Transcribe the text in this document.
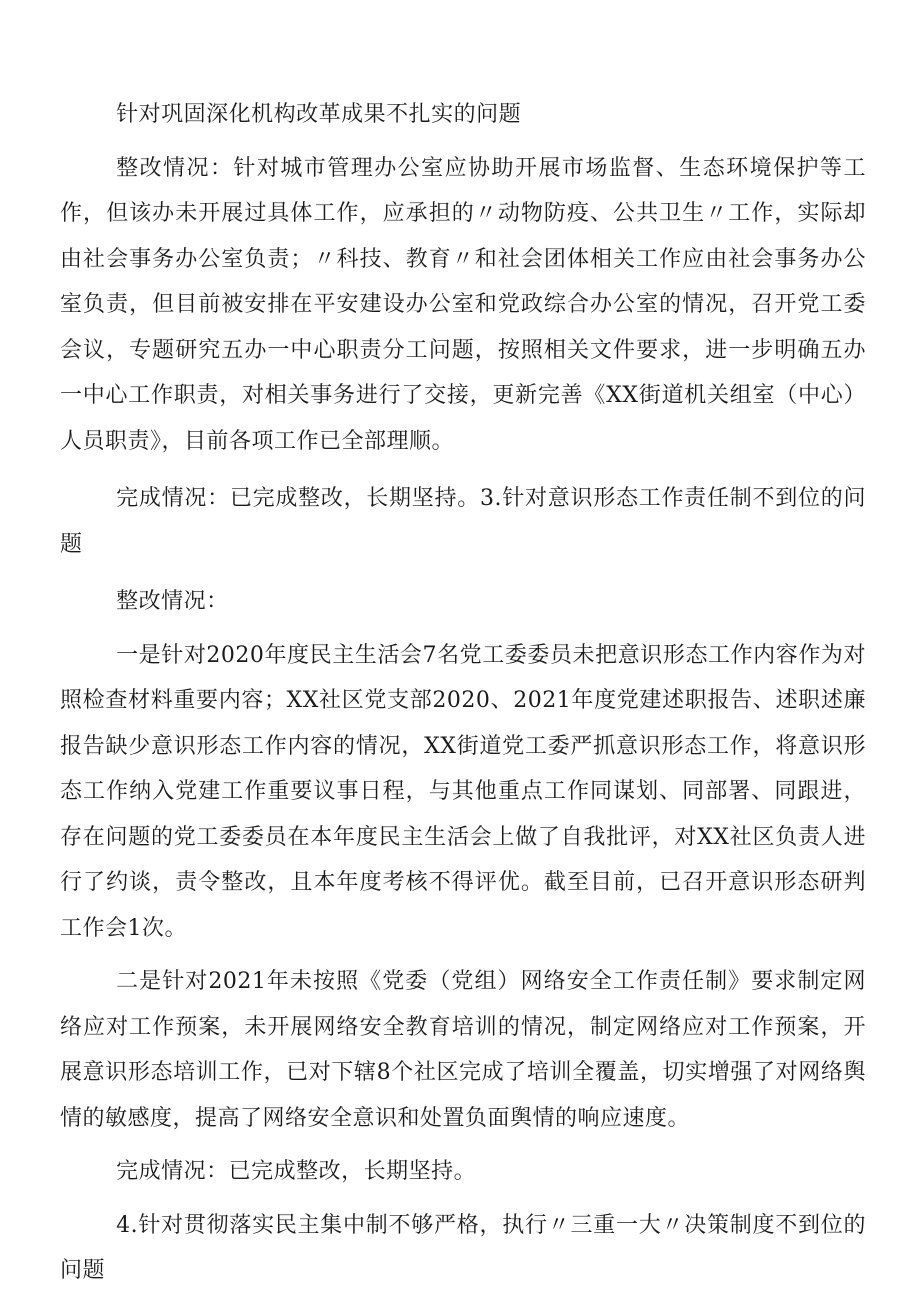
针对巩固深化机构改革成果不扎实的问题

整改情况：针对城市管理办公室应协助开展市场监督、生态环境保护等工作，但该办未开展过具体工作，应承担的〃动物防疫、公共卫生〃工作，实际却由社会事务办公室负责；〃科技、教育〃和社会团体相关工作应由社会事务办公室负责，但目前被安排在平安建设办公室和党政综合办公室的情况，召开党工委会议，专题研究五办一中心职责分工问题，按照相关文件要求，进一步明确五办一中心工作职责，对相关事务进行了交接，更新完善《XX街道机关组室（中心）人员职责》，目前各项工作已全部理顺。

完成情况：已完成整改，长期坚持。3.针对意识形态工作责任制不到位的问题

整改情况：

一是针对2020年度民主生活会7名党工委委员未把意识形态工作内容作为对照检查材料重要内容；XX社区党支部2020、2021年度党建述职报告、述职述廉报告缺少意识形态工作内容的情况，XX街道党工委严抓意识形态工作，将意识形态工作纳入党建工作重要议事日程，与其他重点工作同谋划、同部署、同跟进，存在问题的党工委委员在本年度民主生活会上做了自我批评，对XX社区负责人进行了约谈，责令整改，且本年度考核不得评优。截至目前，已召开意识形态研判工作会1次。

二是针对2021年未按照《党委（党组）网络安全工作责任制》要求制定网络应对工作预案，未开展网络安全教育培训的情况，制定网络应对工作预案，开展意识形态培训工作，已对下辖8个社区完成了培训全覆盖，切实增强了对网络舆情的敏感度，提高了网络安全意识和处置负面舆情的响应速度。

完成情况：已完成整改，长期坚持。

4.针对贯彻落实民主集中制不够严格，执行〃三重一大〃决策制度不到位的问题
